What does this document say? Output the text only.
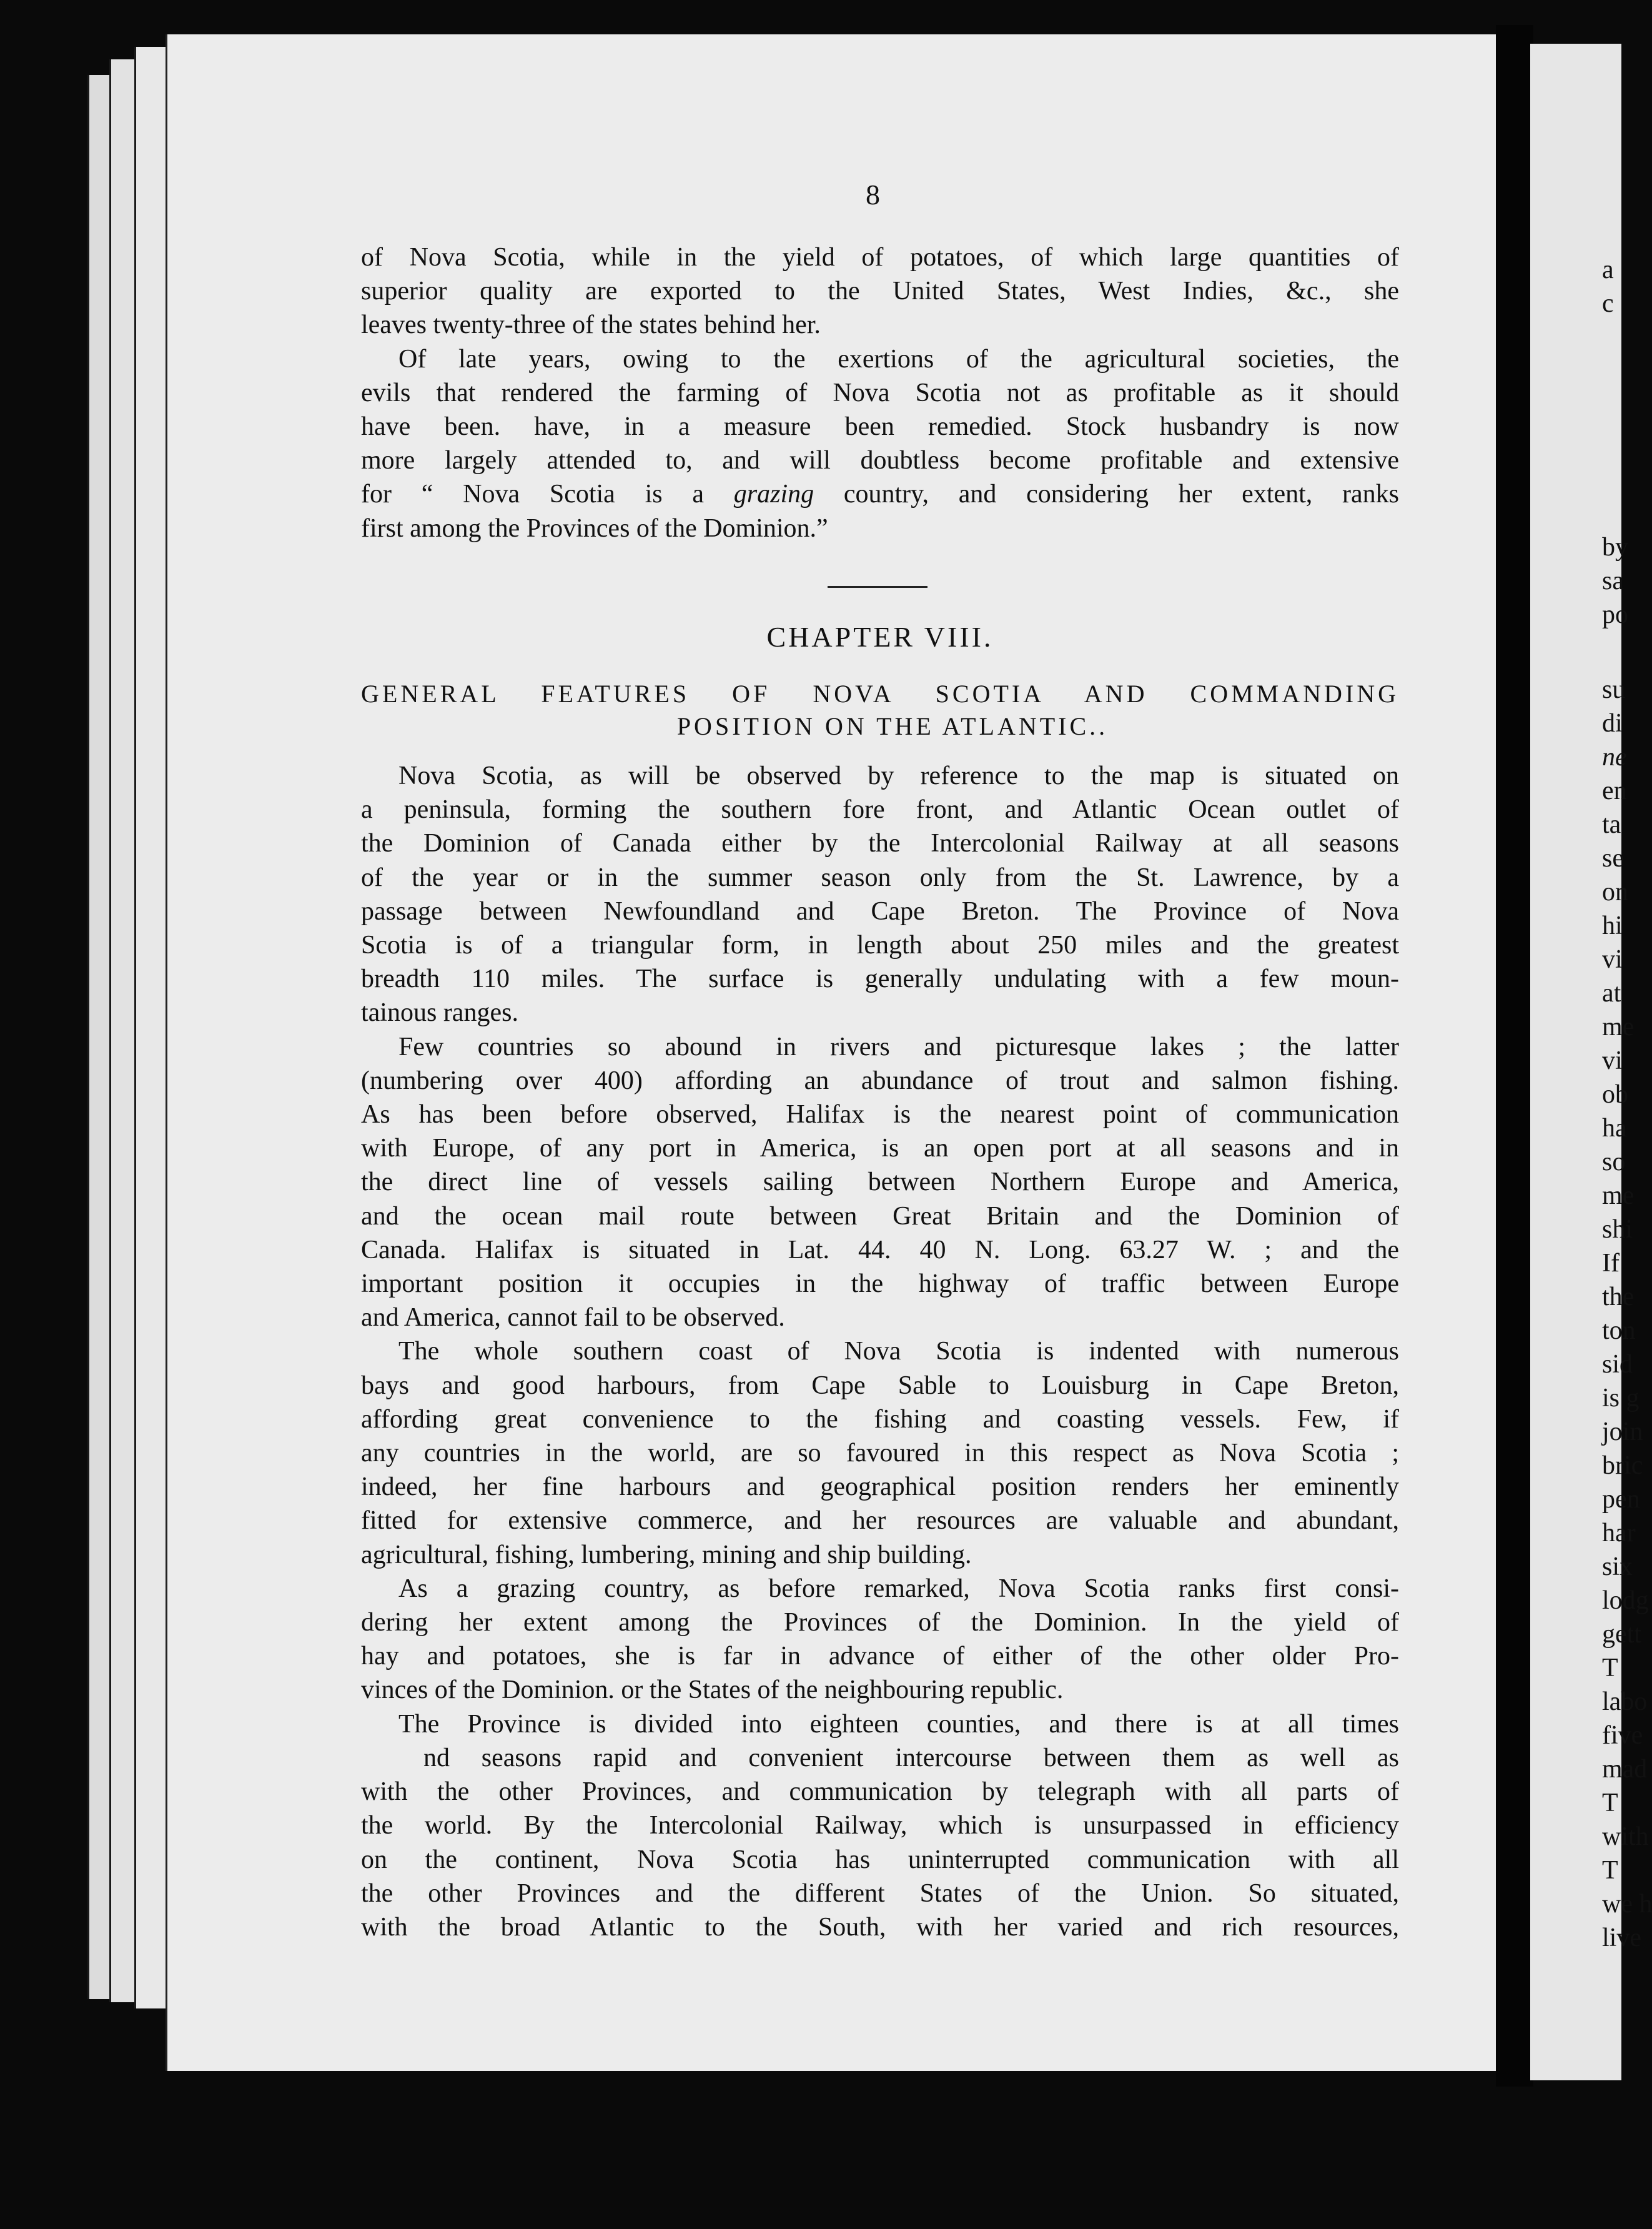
8
of Nova Scotia, while in the yield of potatoes, of which large quantities of
superior quality are exported to the United States, West Indies, &c., she
leaves twenty-three of the states behind her.
Of late years, owing to the exertions of the agricultural societies, the
evils that rendered the farming of Nova Scotia not as profitable as it should
have been. have, in a measure been remedied. Stock husbandry is now
more largely attended to, and will doubtless become profitable and extensive
for “ Nova Scotia is a grazing country, and considering her extent, ranks
first among the Provinces of the Dominion.”
CHAPTER VIII.
GENERAL FEATURES OF NOVA SCOTIA AND COMMANDING
POSITION ON THE ATLANTIC..
Nova Scotia, as will be observed by reference to the map is situated on
a peninsula, forming the southern fore front, and Atlantic Ocean outlet of
the Dominion of Canada either by the Intercolonial Railway at all seasons
of the year or in the summer season only from the St. Lawrence, by a
passage between Newfoundland and Cape Breton. The Province of Nova
Scotia is of a triangular form, in length about 250 miles and the greatest
breadth 110 miles. The surface is generally undulating with a few moun-
tainous ranges.
Few countries so abound in rivers and picturesque lakes ; the latter
(numbering over 400) affording an abundance of trout and salmon fishing.
As has been before observed, Halifax is the nearest point of communication
with Europe, of any port in America, is an open port at all seasons and in
the direct line of vessels sailing between Northern Europe and America,
and the ocean mail route between Great Britain and the Dominion of
Canada. Halifax is situated in Lat. 44. 40 N. Long. 63.27 W. ; and the
important position it occupies in the highway of traffic between Europe
and America, cannot fail to be observed.
The whole southern coast of Nova Scotia is indented with numerous
bays and good harbours, from Cape Sable to Louisburg in Cape Breton,
affording great convenience to the fishing and coasting vessels. Few, if
any countries in the world, are so favoured in this respect as Nova Scotia ;
indeed, her fine harbours and geographical position renders her eminently
fitted for extensive commerce, and her resources are valuable and abundant,
agricultural, fishing, lumbering, mining and ship building.
As a grazing country, as before remarked, Nova Scotia ranks first consi-
dering her extent among the Provinces of the Dominion. In the yield of
hay and potatoes, she is far in advance of either of the other older Pro-
vinces of the Dominion. or the States of the neighbouring republic.
The Province is divided into eighteen counties, and there is at all times
nd seasons rapid and convenient intercourse between them as well as
with the other Provinces, and communication by telegraph with all parts of
the world. By the Intercolonial Railway, which is unsurpassed in efficiency
on the continent, Nova Scotia has uninterrupted communication with all
the other Provinces and the different States of the Union. So situated,
with the broad Atlantic to the South, with her varied and rich resources,
a
c
by
sa
po
su
di
ne
en
ta
se
on
hi
vi
at
me
vi
ob
ha
so
me
shi
If
the
ton
sid
is g
join
bric
pen
har
six
lodg
gett
T
labo
five
mad
T
with
T
we h
live
